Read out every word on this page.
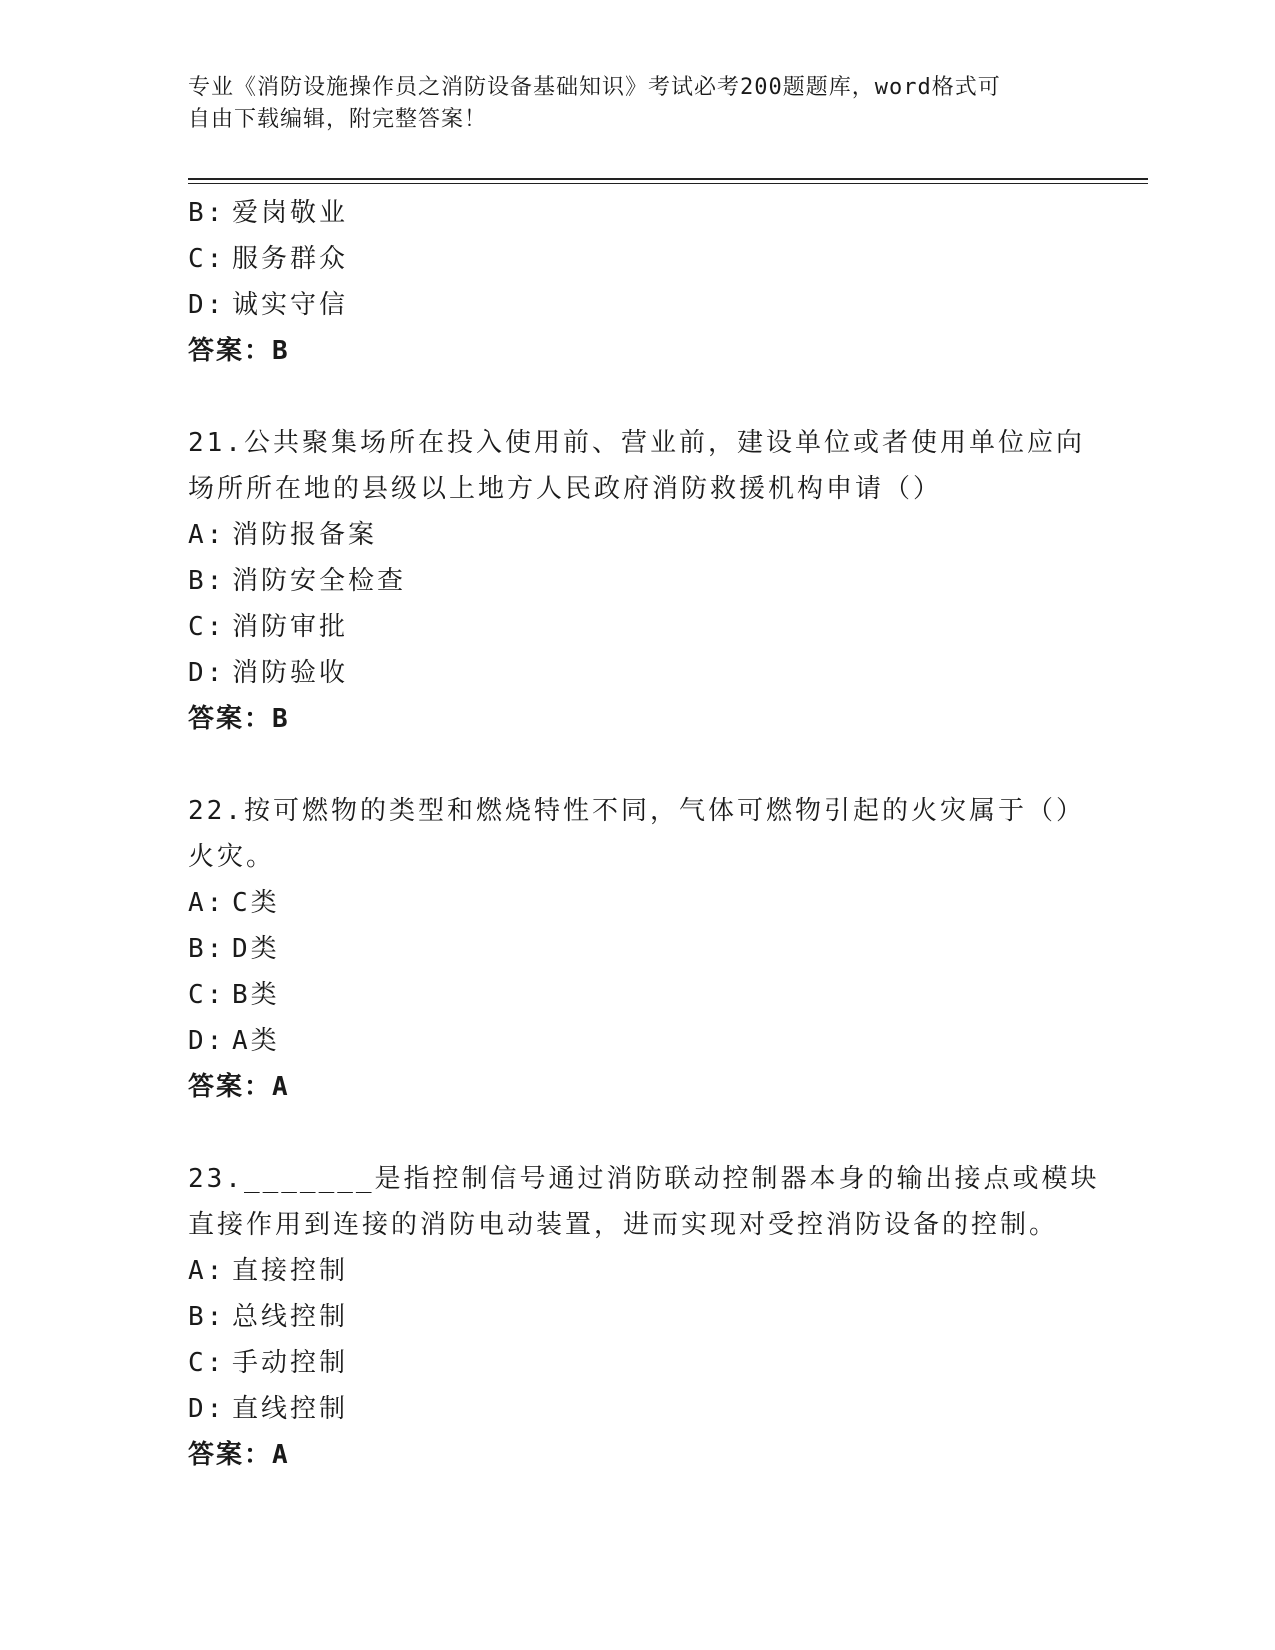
专业《消防设施操作员之消防设备基础知识》考试必考200题题库，word格式可
自由下载编辑，附完整答案！
B: 爱岗敬业
C: 服务群众
D: 诚实守信
答案：B
21.公共聚集场所在投入使用前、营业前，建设单位或者使用单位应向
场所所在地的县级以上地方人民政府消防救援机构申请（）
A: 消防报备案
B: 消防安全检查
C: 消防审批
D: 消防验收
答案：B
22.按可燃物的类型和燃烧特性不同，气体可燃物引起的火灾属于（）
火灾。
A: C类
B: D类
C: B类
D: A类
答案：A
23._______是指控制信号通过消防联动控制器本身的输出接点或模块
直接作用到连接的消防电动装置，进而实现对受控消防设备的控制。
A: 直接控制
B: 总线控制
C: 手动控制
D: 直线控制
答案：A
